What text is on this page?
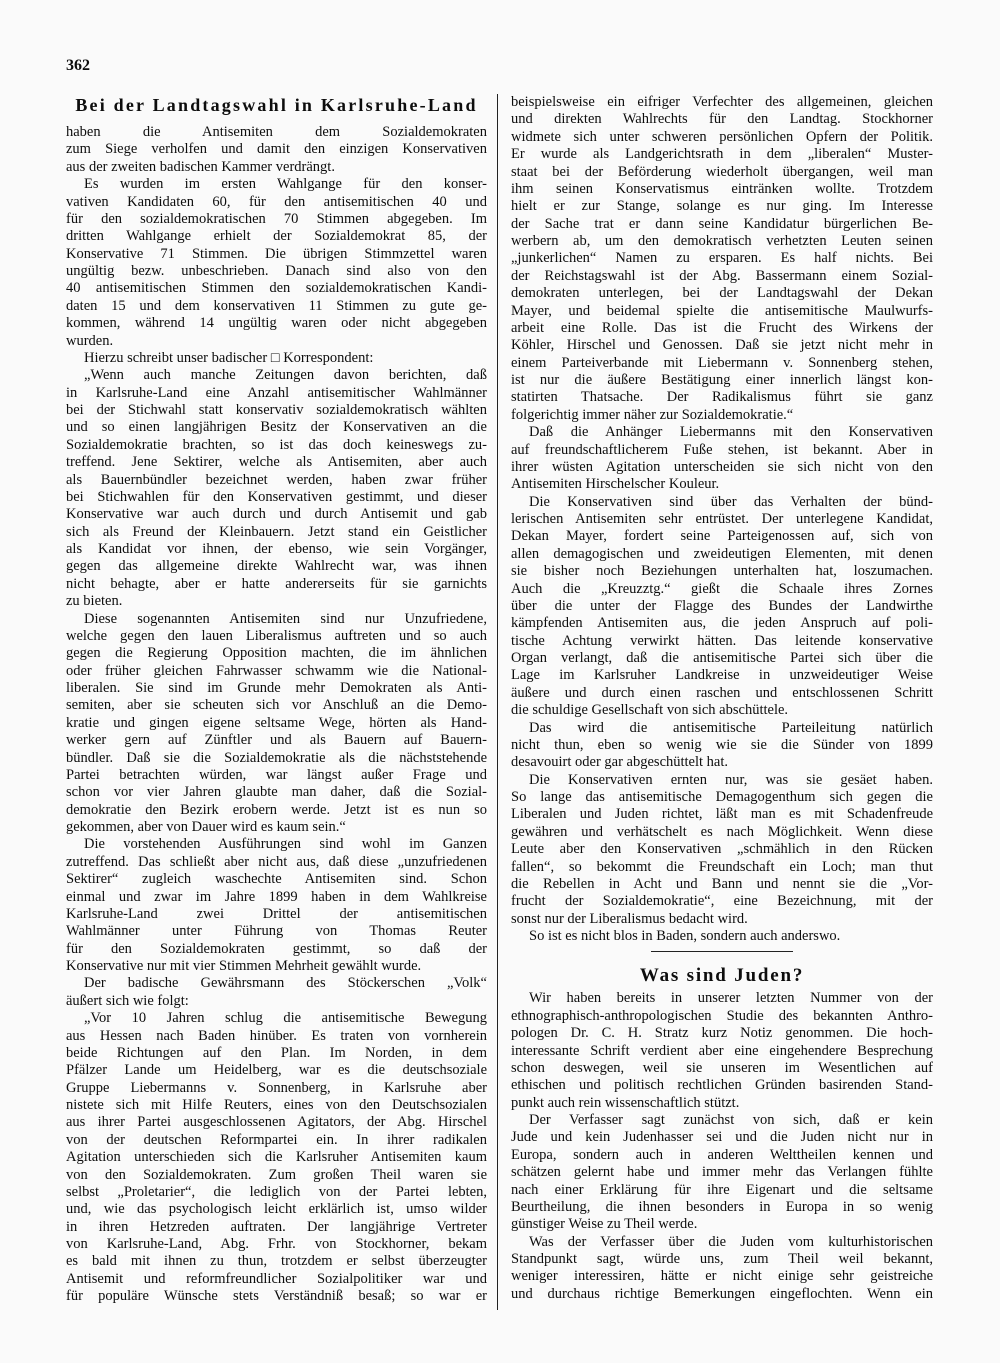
362
Bei der Landtagswahl in Karlsruhe-Land
haben die Antisemiten dem Sozialdemokraten
zum Siege verholfen und damit den einzigen Konservativen
aus der zweiten badischen Kammer verdrängt.
Es wurden im ersten Wahlgange für den konser-
vativen Kandidaten 60, für den antisemitischen 40 und
für den sozialdemokratischen 70 Stimmen abgegeben. Im
dritten Wahlgange erhielt der Sozialdemokrat 85, der
Konservative 71 Stimmen. Die übrigen Stimmzettel waren
ungültig bezw. unbeschrieben. Danach sind also von den
40 antisemitischen Stimmen den sozialdemokratischen Kandi-
daten 15 und dem konservativen 11 Stimmen zu gute ge-
kommen, während 14 ungültig waren oder nicht abgegeben
wurden.
Hierzu schreibt unser badischer □ Korrespondent:
„Wenn auch manche Zeitungen davon berichten, daß
in Karlsruhe-Land eine Anzahl antisemitischer Wahlmänner
bei der Stichwahl statt konservativ sozialdemokratisch wählten
und so einen langjährigen Besitz der Konservativen an die
Sozialdemokratie brachten, so ist das doch keineswegs zu-
treffend. Jene Sektirer, welche als Antisemiten, aber auch
als Bauernbündler bezeichnet werden, haben zwar früher
bei Stichwahlen für den Konservativen gestimmt, und dieser
Konservative war auch durch und durch Antisemit und gab
sich als Freund der Kleinbauern. Jetzt stand ein Geistlicher
als Kandidat vor ihnen, der ebenso, wie sein Vorgänger,
gegen das allgemeine direkte Wahlrecht war, was ihnen
nicht behagte, aber er hatte andererseits für sie garnichts
zu bieten.
Diese sogenannten Antisemiten sind nur Unzufriedene,
welche gegen den lauen Liberalismus auftreten und so auch
gegen die Regierung Opposition machten, die im ähnlichen
oder früher gleichen Fahrwasser schwamm wie die National-
liberalen. Sie sind im Grunde mehr Demokraten als Anti-
semiten, aber sie scheuten sich vor Anschluß an die Demo-
kratie und gingen eigene seltsame Wege, hörten als Hand-
werker gern auf Zünftler und als Bauern auf Bauern-
bündler. Daß sie die Sozialdemokratie als die nächststehende
Partei betrachten würden, war längst außer Frage und
schon vor vier Jahren glaubte man daher, daß die Sozial-
demokratie den Bezirk erobern werde. Jetzt ist es nun so
gekommen, aber von Dauer wird es kaum sein.“
Die vorstehenden Ausführungen sind wohl im Ganzen
zutreffend. Das schließt aber nicht aus, daß diese „unzufriedenen
Sektirer“ zugleich waschechte Antisemiten sind. Schon
einmal und zwar im Jahre 1899 haben in dem Wahlkreise
Karlsruhe-Land zwei Drittel der antisemitischen
Wahlmänner unter Führung von Thomas Reuter
für den Sozialdemokraten gestimmt, so daß der
Konservative nur mit vier Stimmen Mehrheit gewählt wurde.
Der badische Gewährsmann des Stöckerschen „Volk“
äußert sich wie folgt:
„Vor 10 Jahren schlug die antisemitische Bewegung
aus Hessen nach Baden hinüber. Es traten von vornherein
beide Richtungen auf den Plan. Im Norden, in dem
Pfälzer Lande um Heidelberg, war es die deutschsoziale
Gruppe Liebermanns v. Sonnenberg, in Karlsruhe aber
nistete sich mit Hilfe Reuters, eines von den Deutschsozialen
aus ihrer Partei ausgeschlossenen Agitators, der Abg. Hirschel
von der deutschen Reformpartei ein. In ihrer radikalen
Agitation unterschieden sich die Karlsruher Antisemiten kaum
von den Sozialdemokraten. Zum großen Theil waren sie
selbst „Proletarier“, die lediglich von der Partei lebten,
und, wie das psychologisch leicht erklärlich ist, umso wilder
in ihren Hetzreden auftraten. Der langjährige Vertreter
von Karlsruhe-Land, Abg. Frhr. von Stockhorner, bekam
es bald mit ihnen zu thun, trotzdem er selbst überzeugter
Antisemit und reformfreundlicher Sozialpolitiker war und
für populäre Wünsche stets Verständniß besaß; so war er
beispielsweise ein eifriger Verfechter des allgemeinen, gleichen
und direkten Wahlrechts für den Landtag. Stockhorner
widmete sich unter schweren persönlichen Opfern der Politik.
Er wurde als Landgerichtsrath in dem „liberalen“ Muster-
staat bei der Beförderung wiederholt übergangen, weil man
ihm seinen Konservatismus eintränken wollte. Trotzdem
hielt er zur Stange, solange es nur ging. Im Interesse
der Sache trat er dann seine Kandidatur bürgerlichen Be-
werbern ab, um den demokratisch verhetzten Leuten seinen
„junkerlichen“ Namen zu ersparen. Es half nichts. Bei
der Reichstagswahl ist der Abg. Bassermann einem Sozial-
demokraten unterlegen, bei der Landtagswahl der Dekan
Mayer, und beidemal spielte die antisemitische Maulwurfs-
arbeit eine Rolle. Das ist die Frucht des Wirkens der
Köhler, Hirschel und Genossen. Daß sie jetzt nicht mehr in
einem Parteiverbande mit Liebermann v. Sonnenberg stehen,
ist nur die äußere Bestätigung einer innerlich längst kon-
statirten Thatsache. Der Radikalismus führt sie ganz
folgerichtig immer näher zur Sozialdemokratie.“
Daß die Anhänger Liebermanns mit den Konservativen
auf freundschaftlicherem Fuße stehen, ist bekannt. Aber in
ihrer wüsten Agitation unterscheiden sie sich nicht von den
Antisemiten Hirschelscher Kouleur.
Die Konservativen sind über das Verhalten der bünd-
lerischen Antisemiten sehr entrüstet. Der unterlegene Kandidat,
Dekan Mayer, fordert seine Parteigenossen auf, sich von
allen demagogischen und zweideutigen Elementen, mit denen
sie bisher noch Beziehungen unterhalten hat, loszumachen.
Auch die „Kreuzztg.“ gießt die Schaale ihres Zornes
über die unter der Flagge des Bundes der Landwirthe
kämpfenden Antisemiten aus, die jeden Anspruch auf poli-
tische Achtung verwirkt hätten. Das leitende konservative
Organ verlangt, daß die antisemitische Partei sich über die
Lage im Karlsruher Landkreise in unzweideutiger Weise
äußere und durch einen raschen und entschlossenen Schritt
die schuldige Gesellschaft von sich abschüttele.
Das wird die antisemitische Parteileitung natürlich
nicht thun, eben so wenig wie sie die Sünder von 1899
desavouirt oder gar abgeschüttelt hat.
Die Konservativen ernten nur, was sie gesäet haben.
So lange das antisemitische Demagogenthum sich gegen die
Liberalen und Juden richtet, läßt man es mit Schadenfreude
gewähren und verhätschelt es nach Möglichkeit. Wenn diese
Leute aber den Konservativen „schmählich in den Rücken
fallen“, so bekommt die Freundschaft ein Loch; man thut
die Rebellen in Acht und Bann und nennt sie die „Vor-
frucht der Sozialdemokratie“, eine Bezeichnung, mit der
sonst nur der Liberalismus bedacht wird.
So ist es nicht blos in Baden, sondern auch anderswo.
Was sind Juden?
Wir haben bereits in unserer letzten Nummer von der
ethnographisch-anthropologischen Studie des bekannten Anthro-
pologen Dr. C. H. Stratz kurz Notiz genommen. Die hoch-
interessante Schrift verdient aber eine eingehendere Besprechung
schon deswegen, weil sie unseren im Wesentlichen auf
ethischen und politisch rechtlichen Gründen basirenden Stand-
punkt auch rein wissenschaftlich stützt.
Der Verfasser sagt zunächst von sich, daß er kein
Jude und kein Judenhasser sei und die Juden nicht nur in
Europa, sondern auch in anderen Welttheilen kennen und
schätzen gelernt habe und immer mehr das Verlangen fühlte
nach einer Erklärung für ihre Eigenart und die seltsame
Beurtheilung, die ihnen besonders in Europa in so wenig
günstiger Weise zu Theil werde.
Was der Verfasser über die Juden vom kulturhistorischen
Standpunkt sagt, würde uns, zum Theil weil bekannt,
weniger interessiren, hätte er nicht einige sehr geistreiche
und durchaus richtige Bemerkungen eingeflochten. Wenn ein
